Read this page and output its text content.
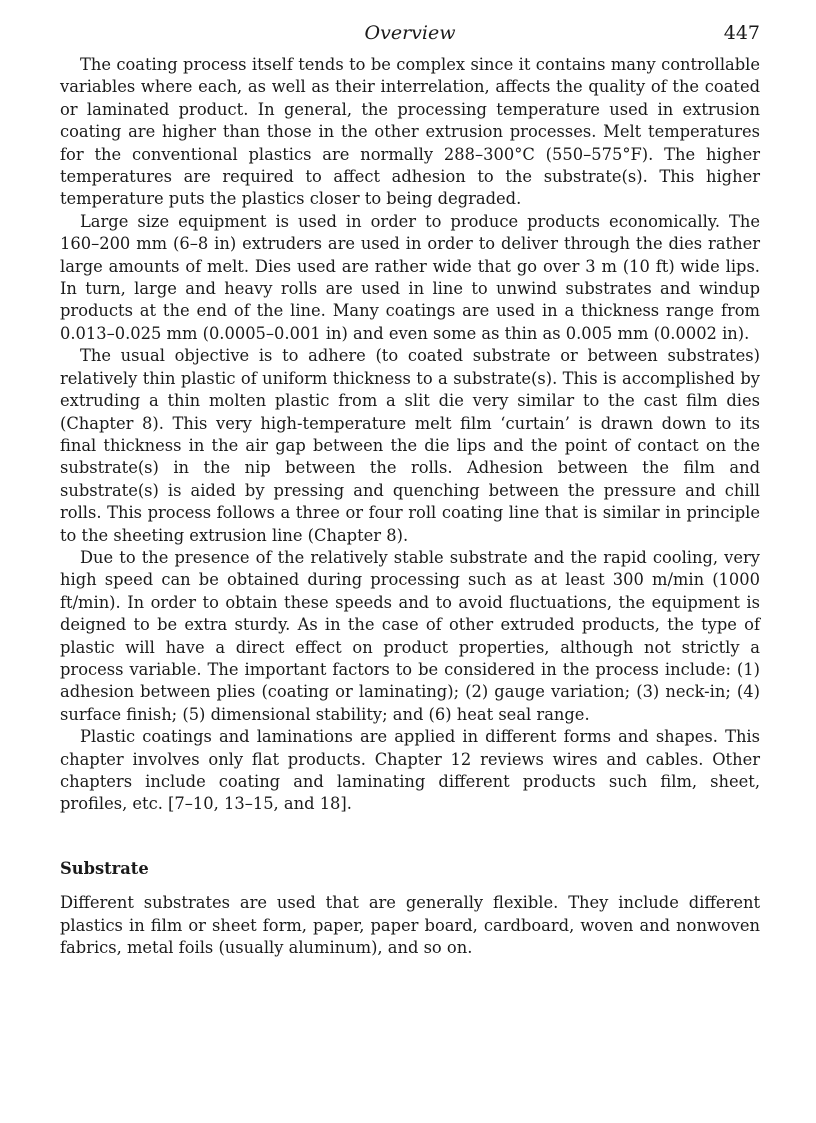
Overview	447

The coating process itself tends to be complex since it contains many controllable variables where each, as well as their interrelation, affects the quality of the coated or laminated product. In general, the processing temperature used in extrusion coating are higher than those in the other extrusion processes. Melt temperatures for the conventional plastics are normally 288–300°C (550–575°F). The higher temperatures are required to affect adhesion to the substrate(s). This higher temperature puts the plastics closer to being degraded.

Large size equipment is used in order to produce products economically. The 160–200 mm (6–8 in) extruders are used in order to deliver through the dies rather large amounts of melt. Dies used are rather wide that go over 3 m (10 ft) wide lips. In turn, large and heavy rolls are used in line to unwind substrates and windup products at the end of the line. Many coatings are used in a thickness range from 0.013–0.025 mm (0.0005–0.001 in) and even some as thin as 0.005 mm (0.0002 in).

The usual objective is to adhere (to coated substrate or between substrates) relatively thin plastic of uniform thickness to a substrate(s). This is accomplished by extruding a thin molten plastic from a slit die very similar to the cast film dies (Chapter 8). This very high-temperature melt film ‘curtain’ is drawn down to its final thickness in the air gap between the die lips and the point of contact on the substrate(s) in the nip between the rolls. Adhesion between the film and substrate(s) is aided by pressing and quenching between the pressure and chill rolls. This process follows a three or four roll coating line that is similar in principle to the sheeting extrusion line (Chapter 8).

Due to the presence of the relatively stable substrate and the rapid cooling, very high speed can be obtained during processing such as at least 300 m/min (1000 ft/min). In order to obtain these speeds and to avoid fluctuations, the equipment is deigned to be extra sturdy. As in the case of other extruded products, the type of plastic will have a direct effect on product properties, although not strictly a process variable. The important factors to be considered in the process include: (1) adhesion between plies (coating or laminating); (2) gauge variation; (3) neck-in; (4) surface finish; (5) dimensional stability; and (6) heat seal range.

Plastic coatings and laminations are applied in different forms and shapes. This chapter involves only flat products. Chapter 12 reviews wires and cables. Other chapters include coating and laminating different products such film, sheet, profiles, etc. [7–10, 13–15, and 18].

Substrate

Different substrates are used that are generally flexible. They include different plastics in film or sheet form, paper, paper board, cardboard, woven and nonwoven fabrics, metal foils (usually aluminum), and so on.
